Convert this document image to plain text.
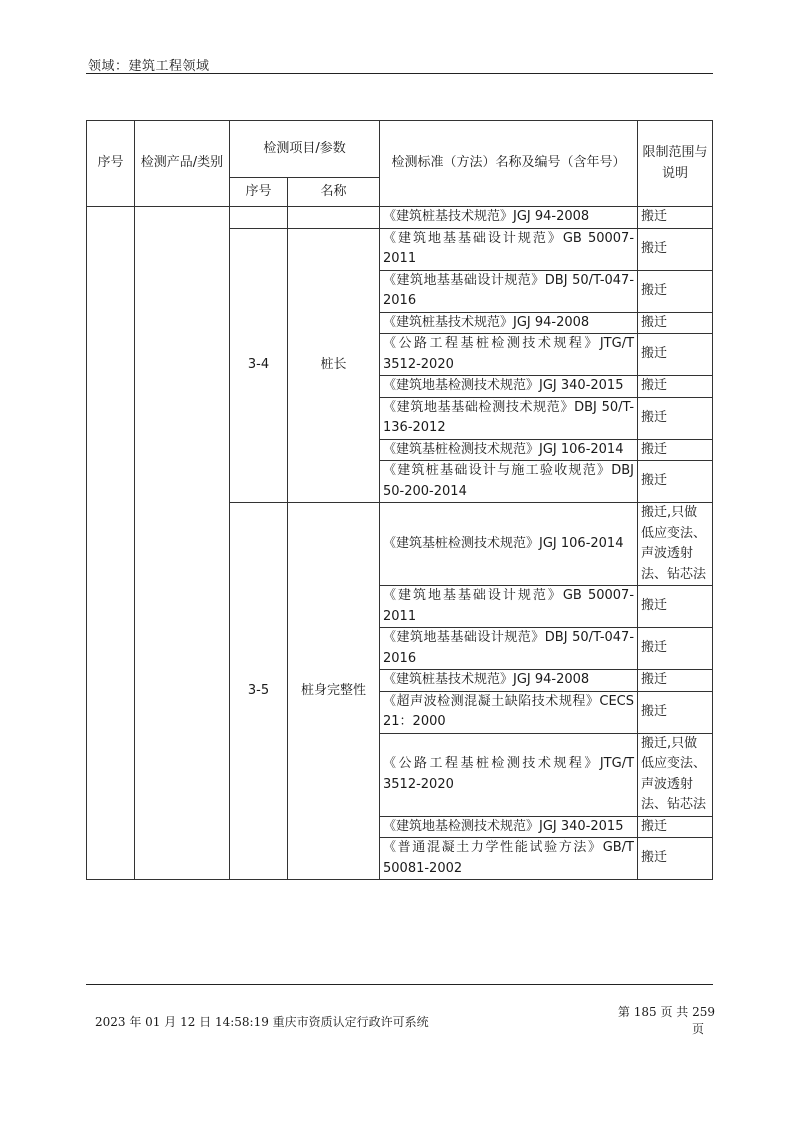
领域：建筑工程领域
序号	检测产品/类别	检测项目/参数		检测标准（方法）名称及编号（含年号）	限制范围与说明
		序号	名称		
				《建筑桩基技术规范》JGJ 94-2008	搬迁
		3-4	桩长	《建筑地基基础设计规范》GB 50007-2011	搬迁
				《建筑地基基础设计规范》DBJ 50/T-047-2016	搬迁
				《建筑桩基技术规范》JGJ 94-2008	搬迁
				《公路工程基桩检测技术规程》JTG/T 3512-2020	搬迁
				《建筑地基检测技术规范》JGJ 340-2015	搬迁
				《建筑地基基础检测技术规范》DBJ 50/T-136-2012	搬迁
				《建筑基桩检测技术规范》JGJ 106-2014	搬迁
				《建筑桩基础设计与施工验收规范》DBJ 50-200-2014	搬迁
		3-5	桩身完整性	《建筑基桩检测技术规范》JGJ 106-2014	搬迁,只做低应变法、声波透射法、钻芯法
				《建筑地基基础设计规范》GB 50007-2011	搬迁
				《建筑地基基础设计规范》DBJ 50/T-047-2016	搬迁
				《建筑桩基技术规范》JGJ 94-2008	搬迁
				《超声波检测混凝土缺陷技术规程》CECS 21：2000	搬迁
				《公路工程基桩检测技术规程》JTG/T 3512-2020	搬迁,只做低应变法、声波透射法、钻芯法
				《建筑地基检测技术规范》JGJ 340-2015	搬迁
				《普通混凝土力学性能试验方法》GB/T 50081-2002	搬迁
2023 年 01 月 12 日 14:58:19 重庆市资质认定行政许可系统
第 185 页 共 259
页
